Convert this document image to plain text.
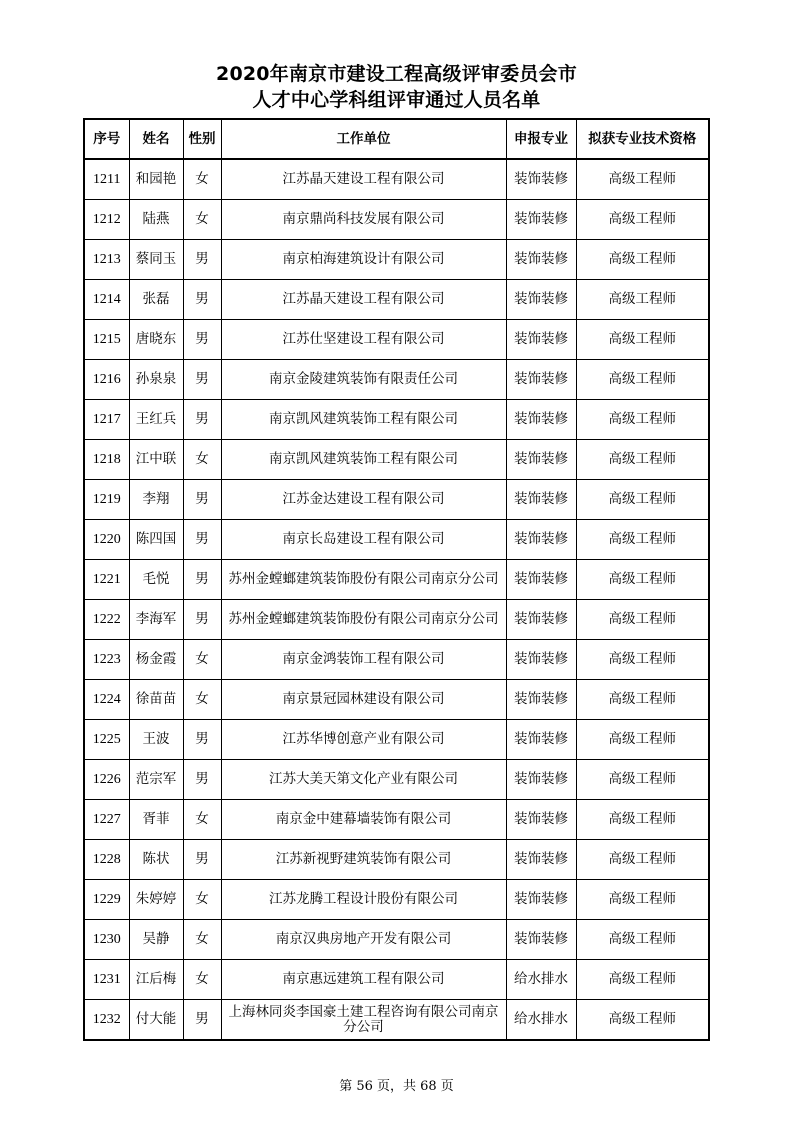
2020年南京市建设工程高级评审委员会市
人才中心学科组评审通过人员名单
序号	姓名	性别	工作单位	申报专业	拟获专业技术资格
1211	和园艳	女	江苏晶天建设工程有限公司	装饰装修	高级工程师
1212	陆燕	女	南京鼎尚科技发展有限公司	装饰装修	高级工程师
1213	蔡同玉	男	南京柏海建筑设计有限公司	装饰装修	高级工程师
1214	张磊	男	江苏晶天建设工程有限公司	装饰装修	高级工程师
1215	唐晓东	男	江苏仕坚建设工程有限公司	装饰装修	高级工程师
1216	孙泉泉	男	南京金陵建筑装饰有限责任公司	装饰装修	高级工程师
1217	王红兵	男	南京凯风建筑装饰工程有限公司	装饰装修	高级工程师
1218	江中联	女	南京凯风建筑装饰工程有限公司	装饰装修	高级工程师
1219	李翔	男	江苏金达建设工程有限公司	装饰装修	高级工程师
1220	陈四国	男	南京长岛建设工程有限公司	装饰装修	高级工程师
1221	毛悦	男	苏州金螳螂建筑装饰股份有限公司南京分公司	装饰装修	高级工程师
1222	李海军	男	苏州金螳螂建筑装饰股份有限公司南京分公司	装饰装修	高级工程师
1223	杨金霞	女	南京金鸿装饰工程有限公司	装饰装修	高级工程师
1224	徐苗苗	女	南京景冠园林建设有限公司	装饰装修	高级工程师
1225	王波	男	江苏华博创意产业有限公司	装饰装修	高级工程师
1226	范宗军	男	江苏大美天第文化产业有限公司	装饰装修	高级工程师
1227	胥菲	女	南京金中建幕墙装饰有限公司	装饰装修	高级工程师
1228	陈状	男	江苏新视野建筑装饰有限公司	装饰装修	高级工程师
1229	朱婷婷	女	江苏龙腾工程设计股份有限公司	装饰装修	高级工程师
1230	吴静	女	南京汉典房地产开发有限公司	装饰装修	高级工程师
1231	江后梅	女	南京惠远建筑工程有限公司	给水排水	高级工程师
1232	付大能	男	上海林同炎李国豪土建工程咨询有限公司南京分公司	给水排水	高级工程师
第 56 页，共 68 页
